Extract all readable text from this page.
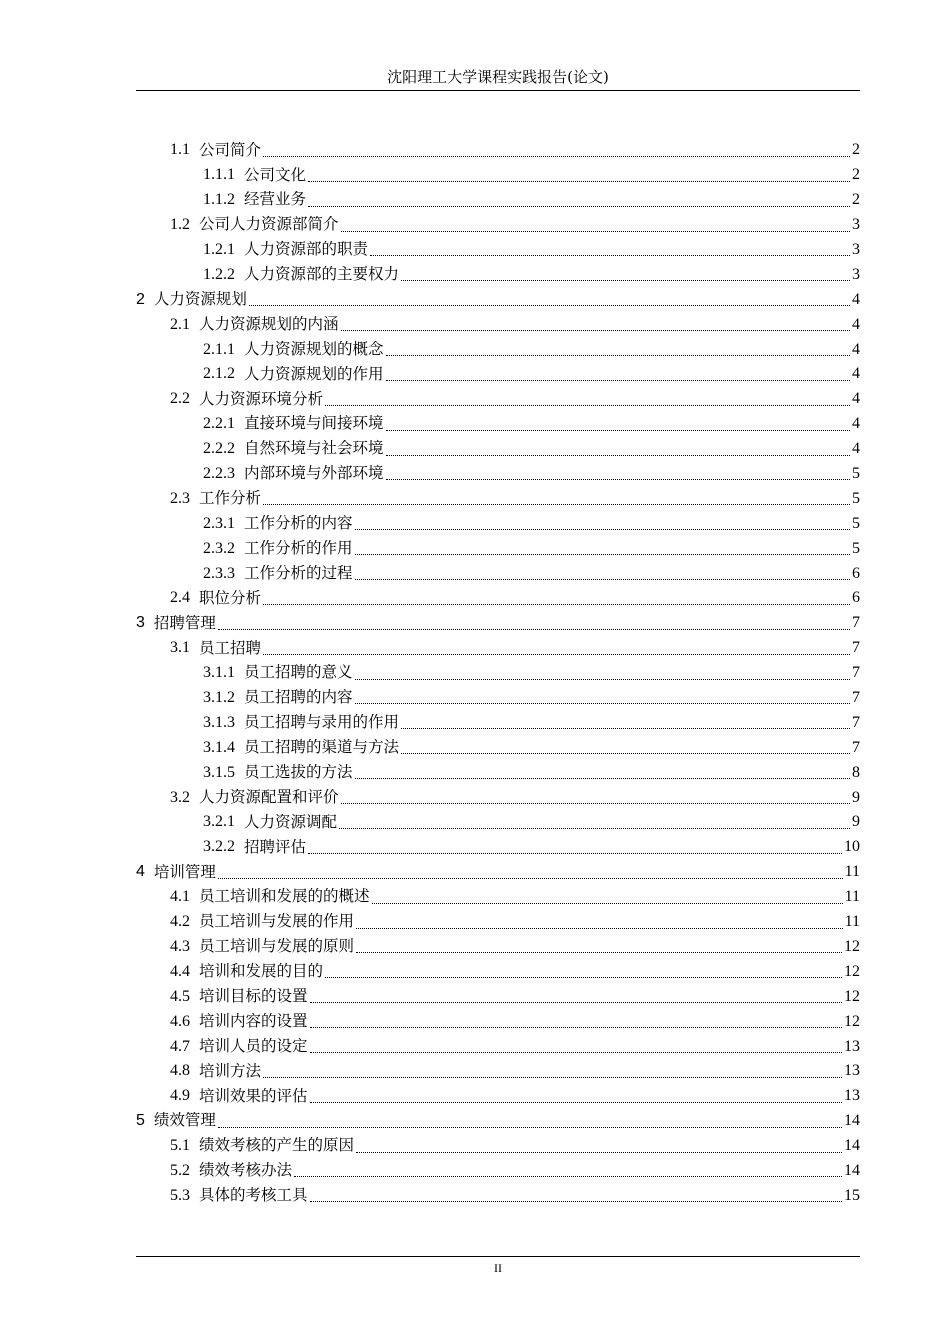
沈阳理工大学课程实践报告(论文)
1.1 公司简介	2
1.1.1 公司文化	2
1.1.2 经营业务	2
1.2 公司人力资源部简介	3
1.2.1 人力资源部的职责	3
1.2.2 人力资源部的主要权力	3
2 人力资源规划	4
2.1 人力资源规划的内涵	4
2.1.1 人力资源规划的概念	4
2.1.2 人力资源规划的作用	4
2.2 人力资源环境分析	4
2.2.1 直接环境与间接环境	4
2.2.2 自然环境与社会环境	4
2.2.3 内部环境与外部环境	5
2.3 工作分析	5
2.3.1 工作分析的内容	5
2.3.2 工作分析的作用	5
2.3.3 工作分析的过程	6
2.4 职位分析	6
3 招聘管理	7
3.1 员工招聘	7
3.1.1 员工招聘的意义	7
3.1.2 员工招聘的内容	7
3.1.3 员工招聘与录用的作用	7
3.1.4 员工招聘的渠道与方法	7
3.1.5 员工选拔的方法	8
3.2 人力资源配置和评价	9
3.2.1 人力资源调配	9
3.2.2 招聘评估	10
4 培训管理	11
4.1 员工培训和发展的的概述	11
4.2 员工培训与发展的作用	11
4.3 员工培训与发展的原则	12
4.4 培训和发展的目的	12
4.5 培训目标的设置	12
4.6 培训内容的设置	12
4.7 培训人员的设定	13
4.8 培训方法	13
4.9 培训效果的评估	13
5 绩效管理	14
5.1 绩效考核的产生的原因	14
5.2 绩效考核办法	14
5.3 具体的考核工具	15
II
